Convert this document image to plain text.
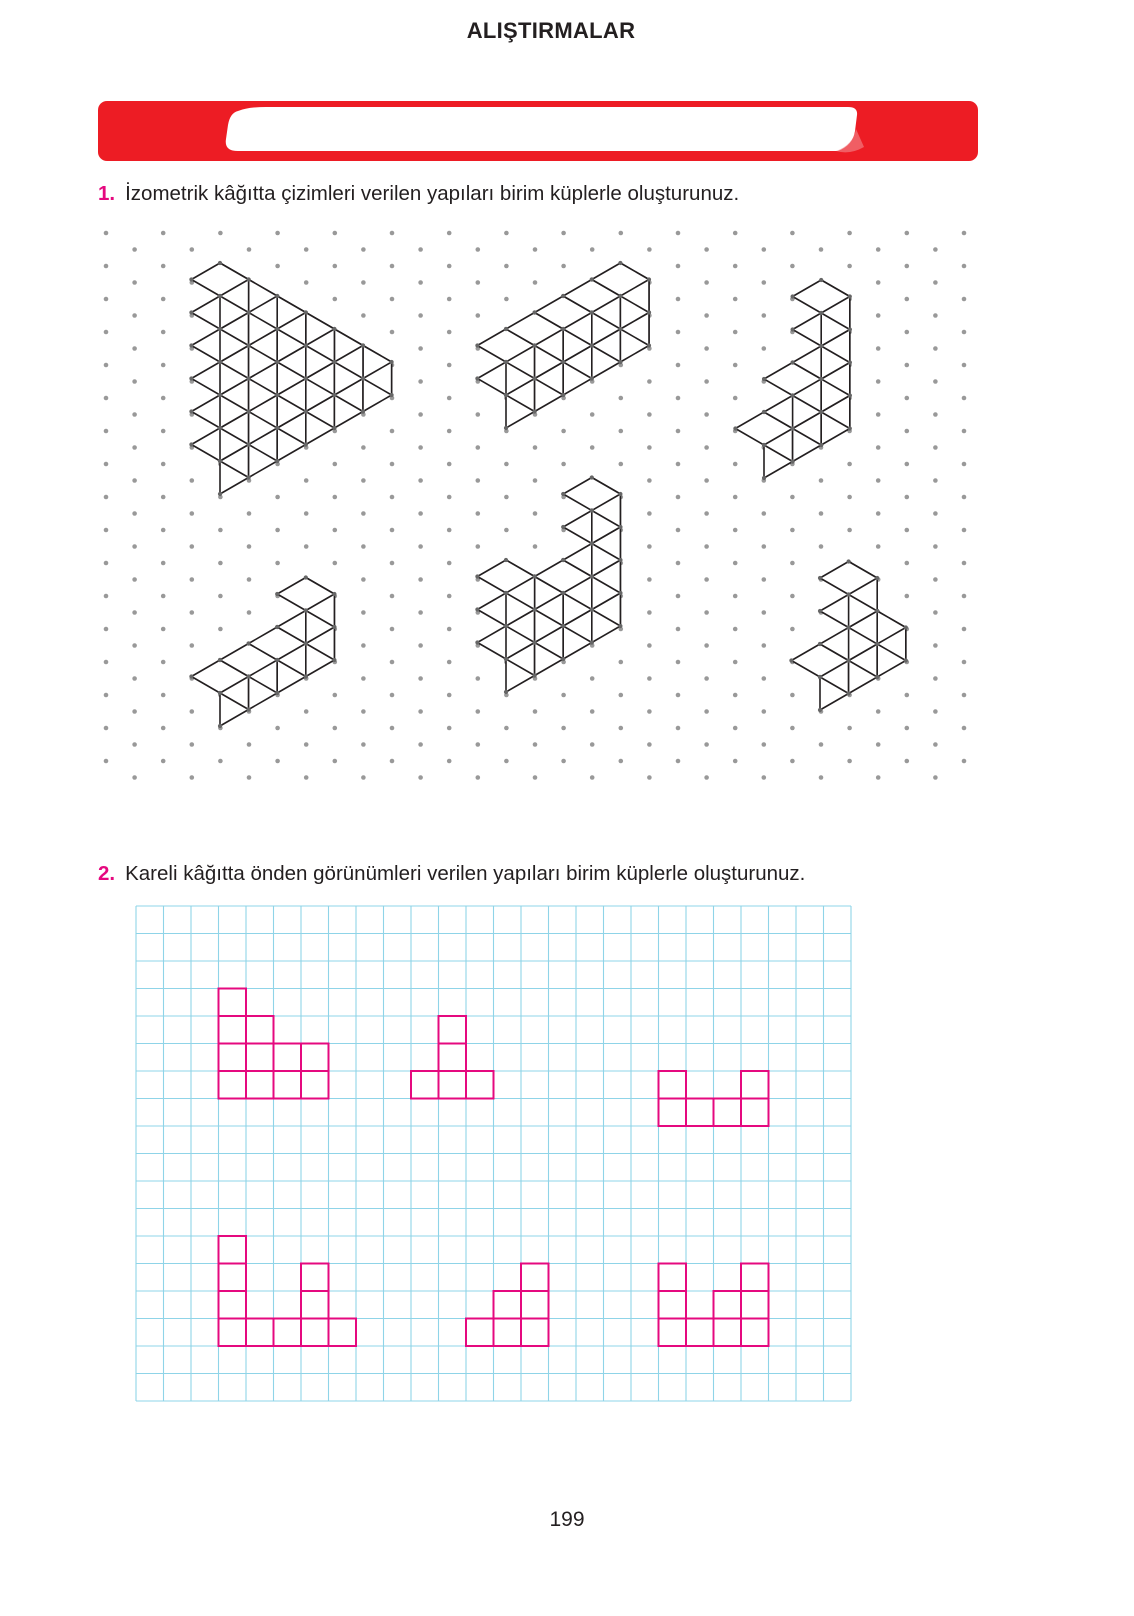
ALIŞTIRMALAR
1. İzometrik kâğıtta çizimleri verilen yapıları birim küplerle oluşturunuz.
2. Kareli kâğıtta önden görünümleri verilen yapıları birim küplerle oluşturunuz.
199
